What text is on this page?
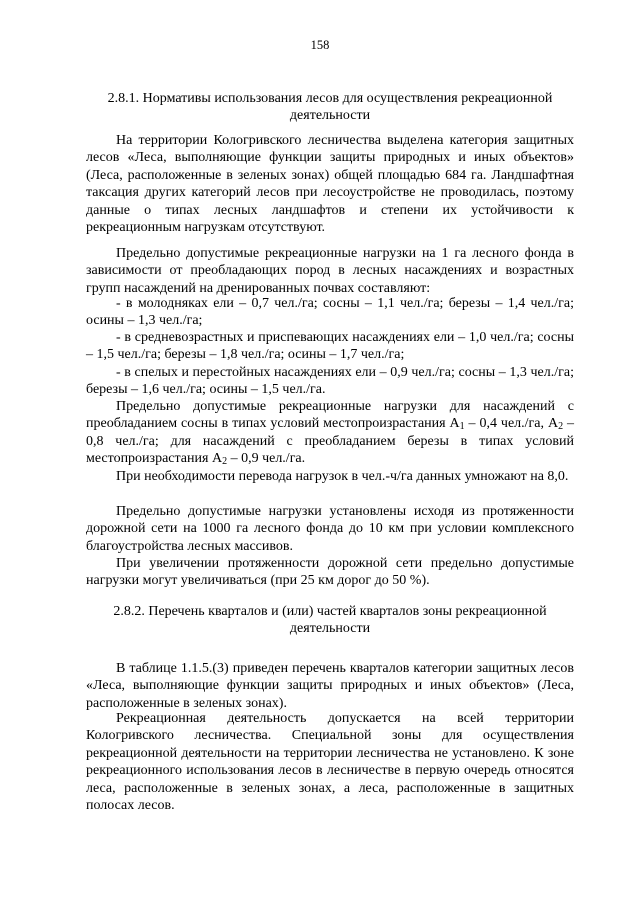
158
2.8.1. Нормативы использования лесов для осуществления рекреационной деятельности

На территории Кологривского лесничества выделена категория защитных лесов «Леса, выполняющие функции защиты природных и иных объектов» (Леса, расположенные в зеленых зонах) общей площадью 684 га. Ландшафтная таксация других категорий лесов при лесоустройстве не проводилась, поэтому данные о типах лесных ландшафтов и степени их устойчивости к рекреационным нагрузкам отсутствуют.

Предельно допустимые рекреационные нагрузки на 1 га лесного фонда в зависимости от преобладающих пород в лесных насаждениях и возрастных групп насаждений на дренированных почвах составляют:

- в молодняках ели – 0,7 чел./га; сосны – 1,1 чел./га; березы – 1,4 чел./га; осины – 1,3 чел./га;

- в средневозрастных и приспевающих насаждениях ели – 1,0 чел./га; сосны – 1,5 чел./га; березы – 1,8 чел./га; осины – 1,7 чел./га;

- в спелых и перестойных насаждениях ели – 0,9 чел./га; сосны – 1,3 чел./га; березы – 1,6 чел./га; осины – 1,5 чел./га.

Предельно допустимые рекреационные нагрузки для насаждений с преобладанием сосны в типах условий местопроизрастания $А_1 - 0,4$ чел./га, $А_2 - 0,8$ чел./га; для насаждений с преобладанием березы в типах условий местопроизрастания $А_2 - 0,9$ чел./га.

При необходимости перевода нагрузок в чел.-ч/га данных умножают на 8,0.

Предельно допустимые нагрузки установлены исходя из протяженности дорожной сети на 1000 га лесного фонда до 10 км при условии комплексного благоустройства лесных массивов.

При увеличении протяженности дорожной сети предельно допустимые нагрузки могут увеличиваться (при 25 км дорог до 50 %).

2.8.2. Перечень кварталов и (или) частей кварталов зоны рекреационной деятельности

В таблице 1.1.5.(3) приведен перечень кварталов категории защитных лесов «Леса, выполняющие функции защиты природных и иных объектов» (Леса, расположенные в зеленых зонах).

Рекреационная деятельность допускается на всей территории Кологривского лесничества. Специальной зоны для осуществления рекреационной деятельности на территории лесничества не установлено. К зоне рекреационного использования лесов в лесничестве в первую очередь относятся леса, расположенные в зеленых зонах, а леса, расположенные в защитных полосах лесов.
